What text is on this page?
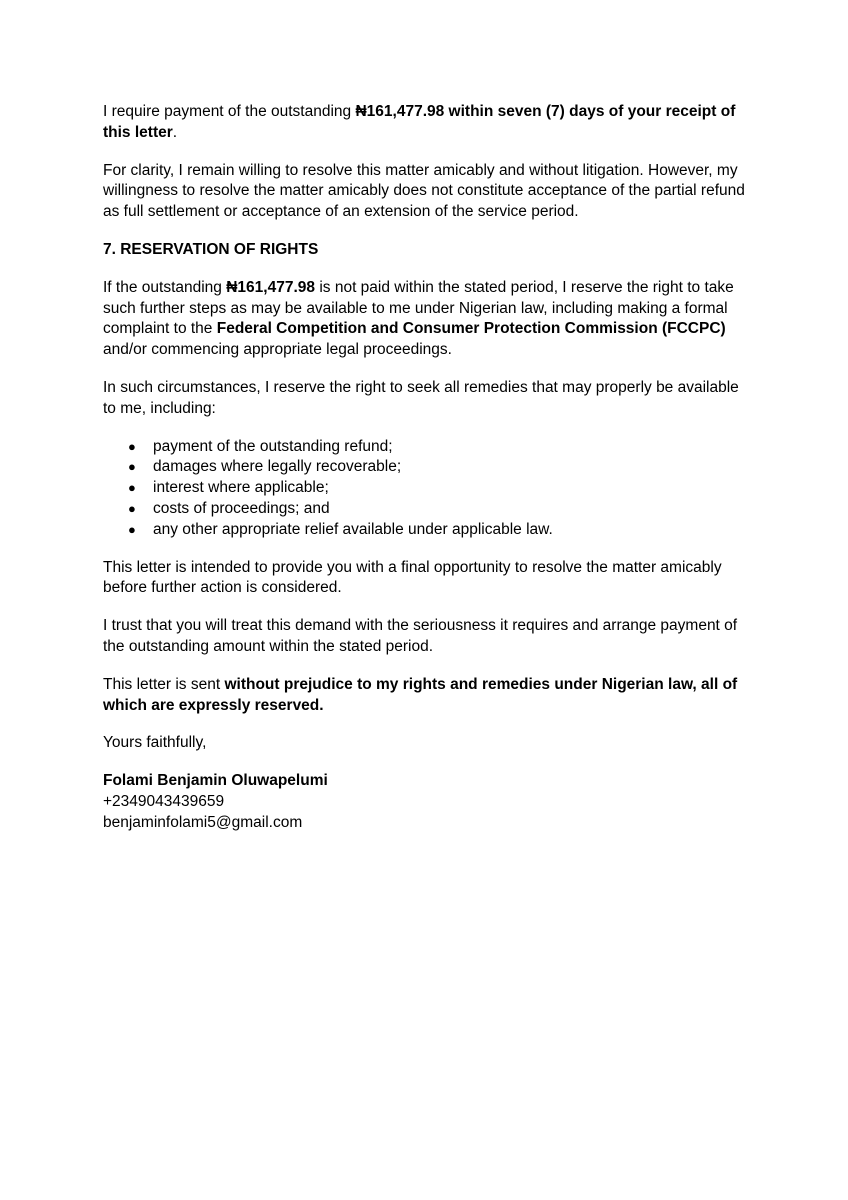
I require payment of the outstanding ₦161,477.98 within seven (7) days of your receipt of this letter.

For clarity, I remain willing to resolve this matter amicably and without litigation. However, my willingness to resolve the matter amicably does not constitute acceptance of the partial refund as full settlement or acceptance of an extension of the service period.

7. RESERVATION OF RIGHTS

If the outstanding ₦161,477.98 is not paid within the stated period, I reserve the right to take such further steps as may be available to me under Nigerian law, including making a formal complaint to the Federal Competition and Consumer Protection Commission (FCCPC) and/or commencing appropriate legal proceedings.

In such circumstances, I reserve the right to seek all remedies that may properly be available to me, including:

● payment of the outstanding refund;
● damages where legally recoverable;
● interest where applicable;
● costs of proceedings; and
● any other appropriate relief available under applicable law.

This letter is intended to provide you with a final opportunity to resolve the matter amicably before further action is considered.

I trust that you will treat this demand with the seriousness it requires and arrange payment of the outstanding amount within the stated period.

This letter is sent without prejudice to my rights and remedies under Nigerian law, all of which are expressly reserved.

Yours faithfully,

Folami Benjamin Oluwapelumi
+2349043439659
benjaminfolami5@gmail.com
